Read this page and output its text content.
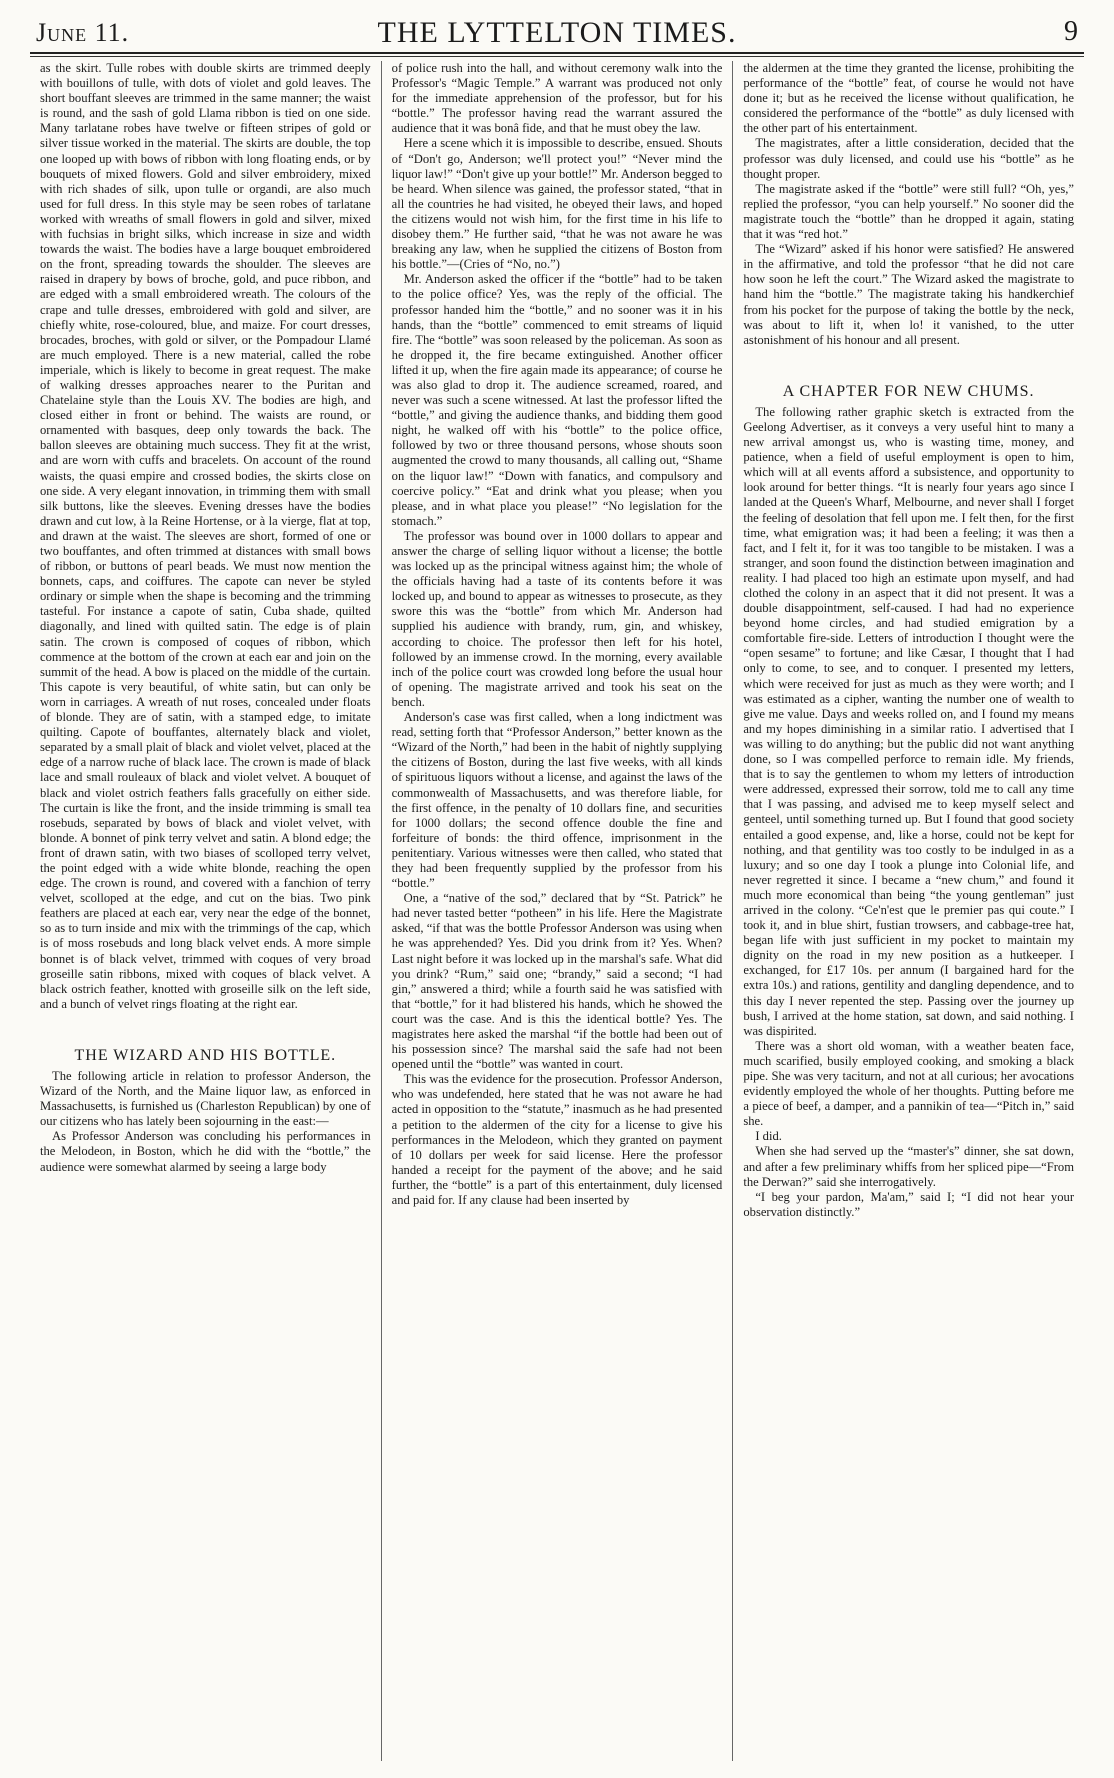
June 11.	THE LYTTELTON TIMES.	9

as the skirt. Tulle robes with double skirts are trimmed deeply with bouillons of tulle, with dots of violet and gold leaves. The short bouffant sleeves are trimmed in the same manner; the waist is round, and the sash of gold Llama ribbon is tied on one side. Many tarlatane robes have twelve or fifteen stripes of gold or silver tissue worked in the material. The skirts are double, the top one looped up with bows of ribbon with long floating ends, or by bouquets of mixed flowers. Gold and silver embroidery, mixed with rich shades of silk, upon tulle or organdi, are also much used for full dress. In this style may be seen robes of tarlatane worked with wreaths of small flowers in gold and silver, mixed with fuchsias in bright silks, which increase in size and width towards the waist. The bodies have a large bouquet embroidered on the front, spreading towards the shoulder. The sleeves are raised in drapery by bows of broche, gold, and puce ribbon, and are edged with a small embroidered wreath. The colours of the crape and tulle dresses, embroidered with gold and silver, are chiefly white, rose-coloured, blue, and maize. For court dresses, brocades, broches, with gold or silver, or the Pompadour Llamé are much employed. There is a new material, called the robe imperiale, which is likely to become in great request. The make of walking dresses approaches nearer to the Puritan and Chatelaine style than the Louis XV. The bodies are high, and closed either in front or behind. The waists are round, or ornamented with basques, deep only towards the back. The ballon sleeves are obtaining much success. They fit at the wrist, and are worn with cuffs and bracelets. On account of the round waists, the quasi empire and crossed bodies, the skirts close on one side. A very elegant innovation, in trimming them with small silk buttons, like the sleeves. Evening dresses have the bodies drawn and cut low, à la Reine Hortense, or à la vierge, flat at top, and drawn at the waist. The sleeves are short, formed of one or two bouffantes, and often trimmed at distances with small bows of ribbon, or buttons of pearl beads. We must now mention the bonnets, caps, and coiffures. The capote can never be styled ordinary or simple when the shape is becoming and the trimming tasteful. For instance a capote of satin, Cuba shade, quilted diagonally, and lined with quilted satin. The edge is of plain satin. The crown is composed of coques of ribbon, which commence at the bottom of the crown at each ear and join on the summit of the head. A bow is placed on the middle of the curtain. This capote is very beautiful, of white satin, but can only be worn in carriages. A wreath of nut roses, concealed under floats of blonde. They are of satin, with a stamped edge, to imitate quilting. Capote of bouffantes, alternately black and violet, separated by a small plait of black and violet velvet, placed at the edge of a narrow ruche of black lace. The crown is made of black lace and small rouleaux of black and violet velvet. A bouquet of black and violet ostrich feathers falls gracefully on either side. The curtain is like the front, and the inside trimming is small tea rosebuds, separated by bows of black and violet velvet, with blonde. A bonnet of pink terry velvet and satin. A blond edge; the front of drawn satin, with two biases of scolloped terry velvet, the point edged with a wide white blonde, reaching the open edge. The crown is round, and covered with a fanchion of terry velvet, scolloped at the edge, and cut on the bias. Two pink feathers are placed at each ear, very near the edge of the bonnet, so as to turn inside and mix with the trimmings of the cap, which is of moss rosebuds and long black velvet ends. A more simple bonnet is of black velvet, trimmed with coques of very broad groseille satin ribbons, mixed with coques of black velvet. A black ostrich feather, knotted with groseille silk on the left side, and a bunch of velvet rings floating at the right ear.

THE WIZARD AND HIS BOTTLE.

The following article in relation to professor Anderson, the Wizard of the North, and the Maine liquor law, as enforced in Massachusetts, is furnished us (Charleston Republican) by one of our citizens who has lately been sojourning in the east:—

As Professor Anderson was concluding his performances in the Melodeon, in Boston, which he did with the “bottle,” the audience were somewhat alarmed by seeing a large body

of police rush into the hall, and without ceremony walk into the Professor's “Magic Temple.” A warrant was produced not only for the immediate apprehension of the professor, but for his “bottle.” The professor having read the warrant assured the audience that it was bonâ fide, and that he must obey the law.

Here a scene which it is impossible to describe, ensued. Shouts of “Don't go, Anderson; we'll protect you!” “Never mind the liquor law!” “Don't give up your bottle!” Mr. Anderson begged to be heard. When silence was gained, the professor stated, “that in all the countries he had visited, he obeyed their laws, and hoped the citizens would not wish him, for the first time in his life to disobey them.” He further said, “that he was not aware he was breaking any law, when he supplied the citizens of Boston from his bottle.”—(Cries of “No, no.”)

Mr. Anderson asked the officer if the “bottle” had to be taken to the police office? Yes, was the reply of the official. The professor handed him the “bottle,” and no sooner was it in his hands, than the “bottle” commenced to emit streams of liquid fire. The “bottle” was soon released by the policeman. As soon as he dropped it, the fire became extinguished. Another officer lifted it up, when the fire again made its appearance; of course he was also glad to drop it. The audience screamed, roared, and never was such a scene witnessed. At last the professor lifted the “bottle,” and giving the audience thanks, and bidding them good night, he walked off with his “bottle” to the police office, followed by two or three thousand persons, whose shouts soon augmented the crowd to many thousands, all calling out, “Shame on the liquor law!” “Down with fanatics, and compulsory and coercive policy.” “Eat and drink what you please; when you please, and in what place you please!” “No legislation for the stomach.”

The professor was bound over in 1000 dollars to appear and answer the charge of selling liquor without a license; the bottle was locked up as the principal witness against him; the whole of the officials having had a taste of its contents before it was locked up, and bound to appear as witnesses to prosecute, as they swore this was the “bottle” from which Mr. Anderson had supplied his audience with brandy, rum, gin, and whiskey, according to choice. The professor then left for his hotel, followed by an immense crowd. In the morning, every available inch of the police court was crowded long before the usual hour of opening. The magistrate arrived and took his seat on the bench.

Anderson's case was first called, when a long indictment was read, setting forth that “Professor Anderson,” better known as the “Wizard of the North,” had been in the habit of nightly supplying the citizens of Boston, during the last five weeks, with all kinds of spirituous liquors without a license, and against the laws of the commonwealth of Massachusetts, and was therefore liable, for the first offence, in the penalty of 10 dollars fine, and securities for 1000 dollars; the second offence double the fine and forfeiture of bonds: the third offence, imprisonment in the penitentiary. Various witnesses were then called, who stated that they had been frequently supplied by the professor from his “bottle.”

One, a “native of the sod,” declared that by “St. Patrick” he had never tasted better “potheen” in his life. Here the Magistrate asked, “if that was the bottle Professor Anderson was using when he was apprehended? Yes. Did you drink from it? Yes. When? Last night before it was locked up in the marshal's safe. What did you drink? “Rum,” said one; “brandy,” said a second; “I had gin,” answered a third; while a fourth said he was satisfied with that “bottle,” for it had blistered his hands, which he showed the court was the case. And is this the identical bottle? Yes. The magistrates here asked the marshal “if the bottle had been out of his possession since? The marshal said the safe had not been opened until the “bottle” was wanted in court.

This was the evidence for the prosecution. Professor Anderson, who was undefended, here stated that he was not aware he had acted in opposition to the “statute,” inasmuch as he had presented a petition to the aldermen of the city for a license to give his performances in the Melodeon, which they granted on payment of 10 dollars per week for said license. Here the professor handed a receipt for the payment of the above; and he said further, the “bottle” is a part of this entertainment, duly licensed and paid for. If any clause had been inserted by

the aldermen at the time they granted the license, prohibiting the performance of the “bottle” feat, of course he would not have done it; but as he received the license without qualification, he considered the performance of the “bottle” as duly licensed with the other part of his entertainment.

The magistrates, after a little consideration, decided that the professor was duly licensed, and could use his “bottle” as he thought proper.

The magistrate asked if the “bottle” were still full? “Oh, yes,” replied the professor, “you can help yourself.” No sooner did the magistrate touch the “bottle” than he dropped it again, stating that it was “red hot.”

The “Wizard” asked if his honor were satisfied? He answered in the affirmative, and told the professor “that he did not care how soon he left the court.” The Wizard asked the magistrate to hand him the “bottle.” The magistrate taking his handkerchief from his pocket for the purpose of taking the bottle by the neck, was about to lift it, when lo! it vanished, to the utter astonishment of his honour and all present.

A CHAPTER FOR NEW CHUMS.

The following rather graphic sketch is extracted from the Geelong Advertiser, as it conveys a very useful hint to many a new arrival amongst us, who is wasting time, money, and patience, when a field of useful employment is open to him, which will at all events afford a subsistence, and opportunity to look around for better things. “It is nearly four years ago since I landed at the Queen's Wharf, Melbourne, and never shall I forget the feeling of desolation that fell upon me. I felt then, for the first time, what emigration was; it had been a feeling; it was then a fact, and I felt it, for it was too tangible to be mistaken. I was a stranger, and soon found the distinction between imagination and reality. I had placed too high an estimate upon myself, and had clothed the colony in an aspect that it did not present. It was a double disappointment, self-caused. I had had no experience beyond home circles, and had studied emigration by a comfortable fire-side. Letters of introduction I thought were the “open sesame” to fortune; and like Cæsar, I thought that I had only to come, to see, and to conquer. I presented my letters, which were received for just as much as they were worth; and I was estimated as a cipher, wanting the number one of wealth to give me value. Days and weeks rolled on, and I found my means and my hopes diminishing in a similar ratio. I advertised that I was willing to do anything; but the public did not want anything done, so I was compelled perforce to remain idle. My friends, that is to say the gentlemen to whom my letters of introduction were addressed, expressed their sorrow, told me to call any time that I was passing, and advised me to keep myself select and genteel, until something turned up. But I found that good society entailed a good expense, and, like a horse, could not be kept for nothing, and that gentility was too costly to be indulged in as a luxury; and so one day I took a plunge into Colonial life, and never regretted it since. I became a “new chum,” and found it much more economical than being “the young gentleman” just arrived in the colony. “Ce'n'est que le premier pas qui coute.” I took it, and in blue shirt, fustian trowsers, and cabbage-tree hat, began life with just sufficient in my pocket to maintain my dignity on the road in my new position as a hutkeeper. I exchanged, for £17 10s. per annum (I bargained hard for the extra 10s.) and rations, gentility and dangling dependence, and to this day I never repented the step. Passing over the journey up bush, I arrived at the home station, sat down, and said nothing. I was dispirited.

There was a short old woman, with a weather beaten face, much scarified, busily employed cooking, and smoking a black pipe. She was very taciturn, and not at all curious; her avocations evidently employed the whole of her thoughts. Putting before me a piece of beef, a damper, and a pannikin of tea—“Pitch in,” said she.

I did.

When she had served up the “master's” dinner, she sat down, and after a few preliminary whiffs from her spliced pipe—“From the Derwan?” said she interrogatively.

“I beg your pardon, Ma'am,” said I; “I did not hear your observation distinctly.”
